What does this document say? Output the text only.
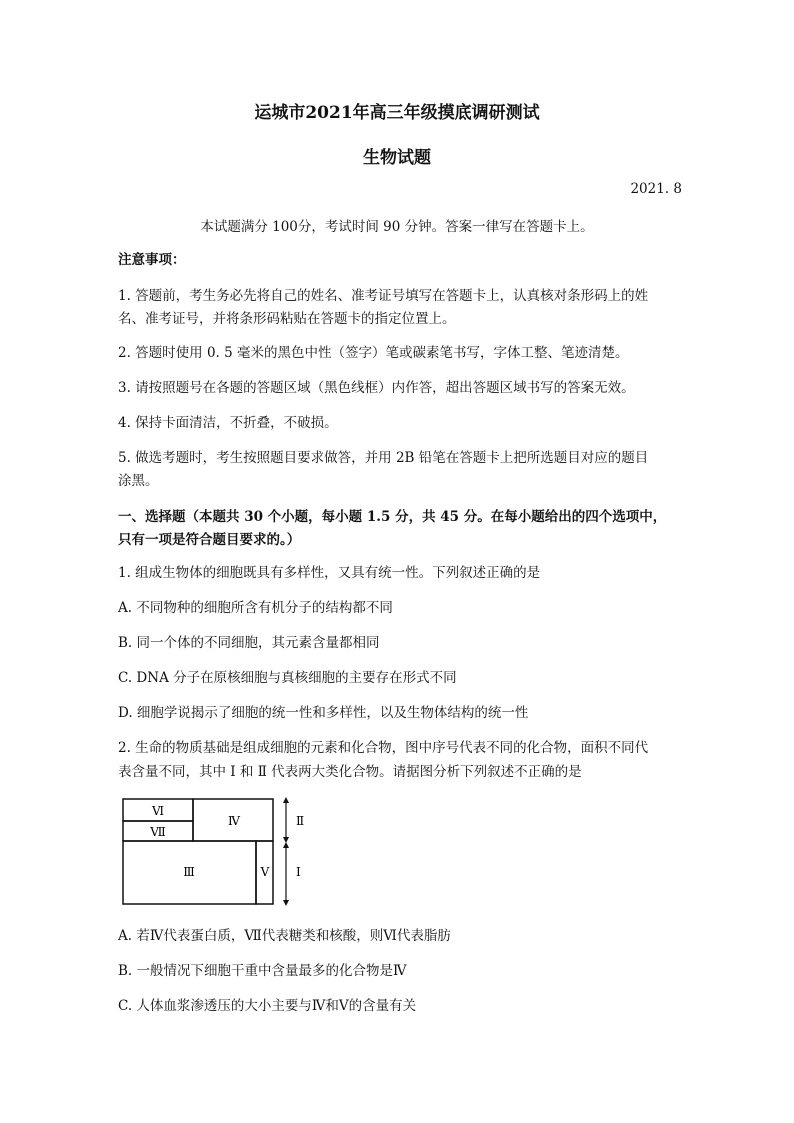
运城市2021年高三年级摸底调研测试
生物试题
2021. 8
本试题满分 100分，考试时间 90 分钟。答案一律写在答题卡上。
注意事项：
1. 答题前，考生务必先将自己的姓名、准考证号填写在答题卡上，认真核对条形码上的姓
名、准考证号，并将条形码粘贴在答题卡的指定位置上。
2. 答题时使用 0. 5 毫米的黑色中性（签字）笔或碳素笔书写，字体工整、笔迹清楚。
3. 请按照题号在各题的答题区域（黑色线框）内作答，超出答题区域书写的答案无效。
4. 保持卡面清洁，不折叠，不破损。
5. 做选考题时，考生按照题目要求做答，并用 2B 铅笔在答题卡上把所选题目对应的题目
涂黑。
一、选择题（本题共 30 个小题，每小题 1.5 分，共 45 分。在每小题给出的四个选项中，
只有一项是符合题目要求的。）
1. 组成生物体的细胞既具有多样性，又具有统一性。下列叙述正确的是
A. 不同物种的细胞所含有机分子的结构都不同
B. 同一个体的不同细胞，其元素含量都相同
C. DNA 分子在原核细胞与真核细胞的主要存在形式不同
D. 细胞学说揭示了细胞的统一性和多样性，以及生物体结构的统一性
2. 生命的物质基础是组成细胞的元素和化合物，图中序号代表不同的化合物，面积不同代
表含量不同，其中 Ⅰ 和 Ⅱ 代表两大类化合物。请据图分析下列叙述不正确的是
Ⅵ
Ⅶ
Ⅳ
Ⅲ	Ⅴ
Ⅱ
Ⅰ
A. 若Ⅳ代表蛋白质，Ⅶ代表糖类和核酸，则Ⅵ代表脂肪
B. 一般情况下细胞干重中含量最多的化合物是Ⅳ
C. 人体血浆渗透压的大小主要与Ⅳ和Ⅴ的含量有关
